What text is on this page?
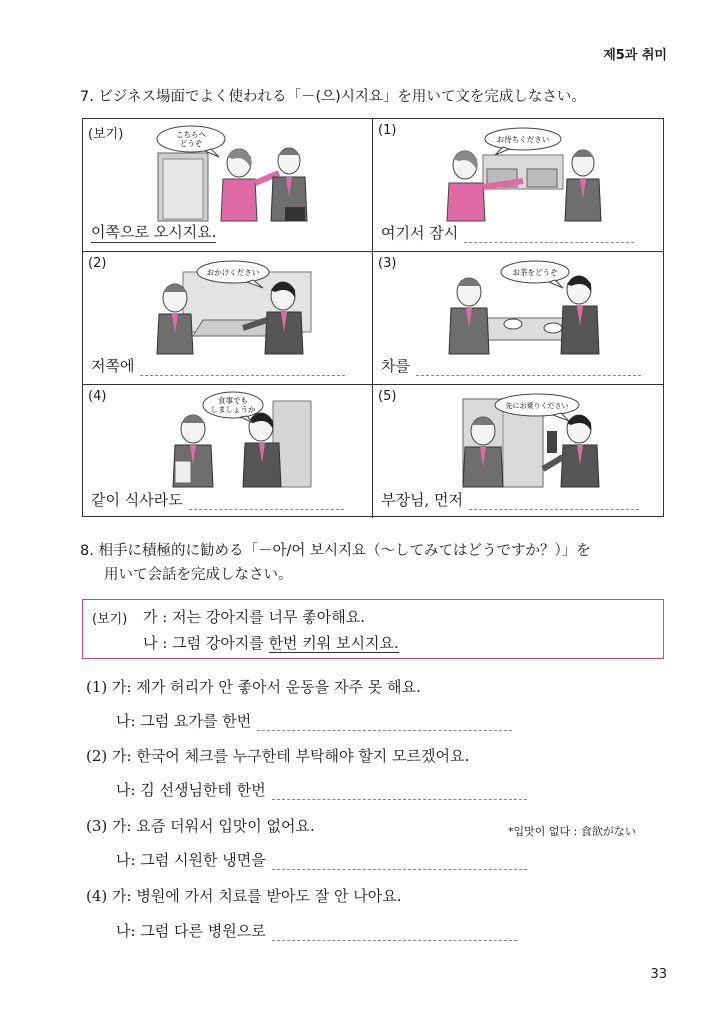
제5과 취미
7. ビジネス場面でよく使われる「－(으)시지요」を用いて文を完成しなさい。
(보기)	こちらへ
どうぞ
이쪽으로 오시지요.
(1)
お待ちください
여기서 잠시
(2)
おかけください
저쪽에
(3)
お茶をどうぞ
차를
(4)	食事でも
しましょうか
같이 식사라도
(5)
先にお乗りください
부장님, 먼저
8. 相手に積極的に勧める「－아/어 보시지요（～してみてはどうですか？）」を
用いて会話を完成しなさい。
(보기) 가 : 저는 강아지를 너무 좋아해요.
나 : 그럼 강아지를 한번 키워 보시지요.
(1) 가: 제가 허리가 안 좋아서 운동을 자주 못 해요.
나: 그럼 요가를 한번
(2) 가: 한국어 체크를 누구한테 부탁해야 할지 모르겠어요.
나: 김 선생님한테 한번
(3) 가: 요즘 더워서 입맛이 없어요.	*입맛이 없다 : 食欲がない
나: 그럼 시원한 냉면을
(4) 가: 병원에 가서 치료를 받아도 잘 안 나아요.
나: 그럼 다른 병원으로
33
